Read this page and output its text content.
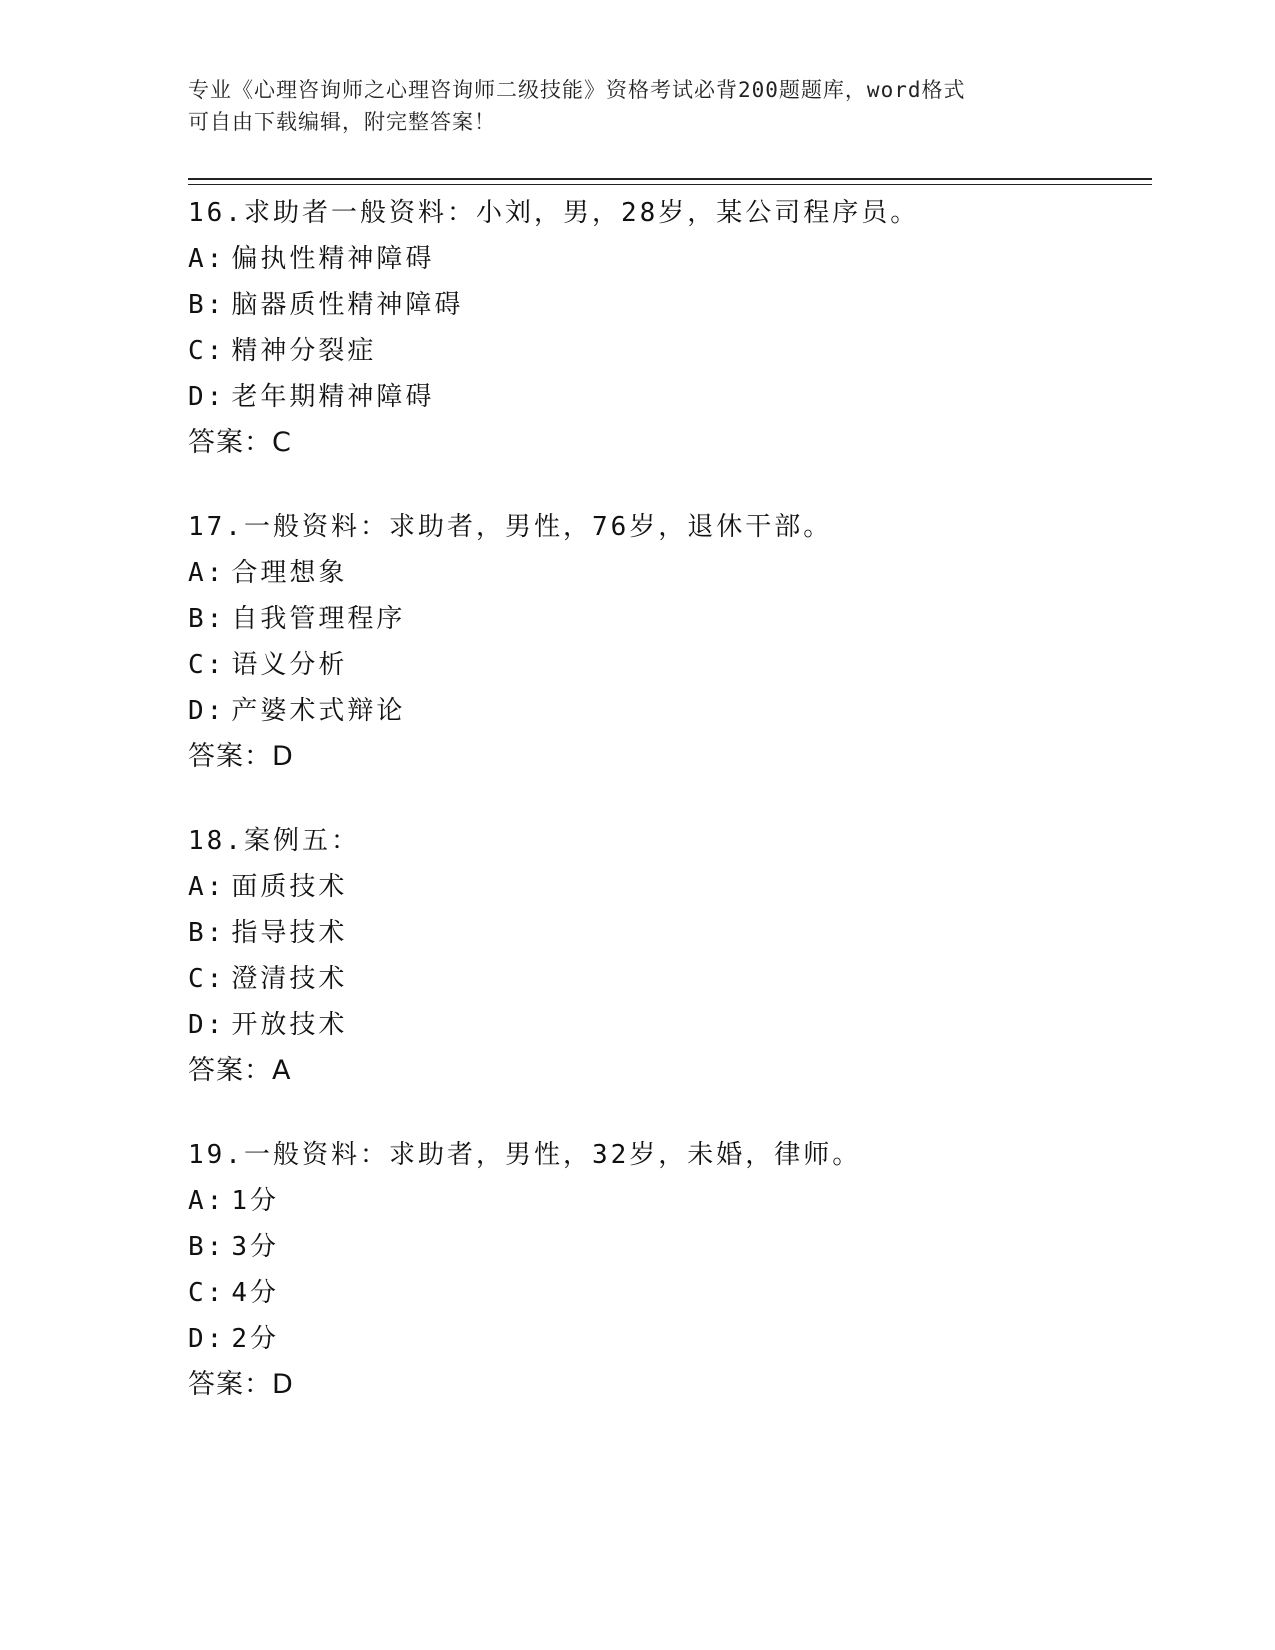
专业《心理咨询师之心理咨询师二级技能》资格考试必背200题题库，word格式
可自由下载编辑，附完整答案！
16.求助者一般资料：小刘，男，28岁，某公司程序员。
A: 偏执性精神障碍
B: 脑器质性精神障碍
C: 精神分裂症
D: 老年期精神障碍
答案：C
17.一般资料：求助者，男性，76岁，退休干部。
A: 合理想象
B: 自我管理程序
C: 语义分析
D: 产婆术式辩论
答案：D
18.案例五：
A: 面质技术
B: 指导技术
C: 澄清技术
D: 开放技术
答案：A
19.一般资料：求助者，男性，32岁，未婚，律师。
A: 1分
B: 3分
C: 4分
D: 2分
答案：D
